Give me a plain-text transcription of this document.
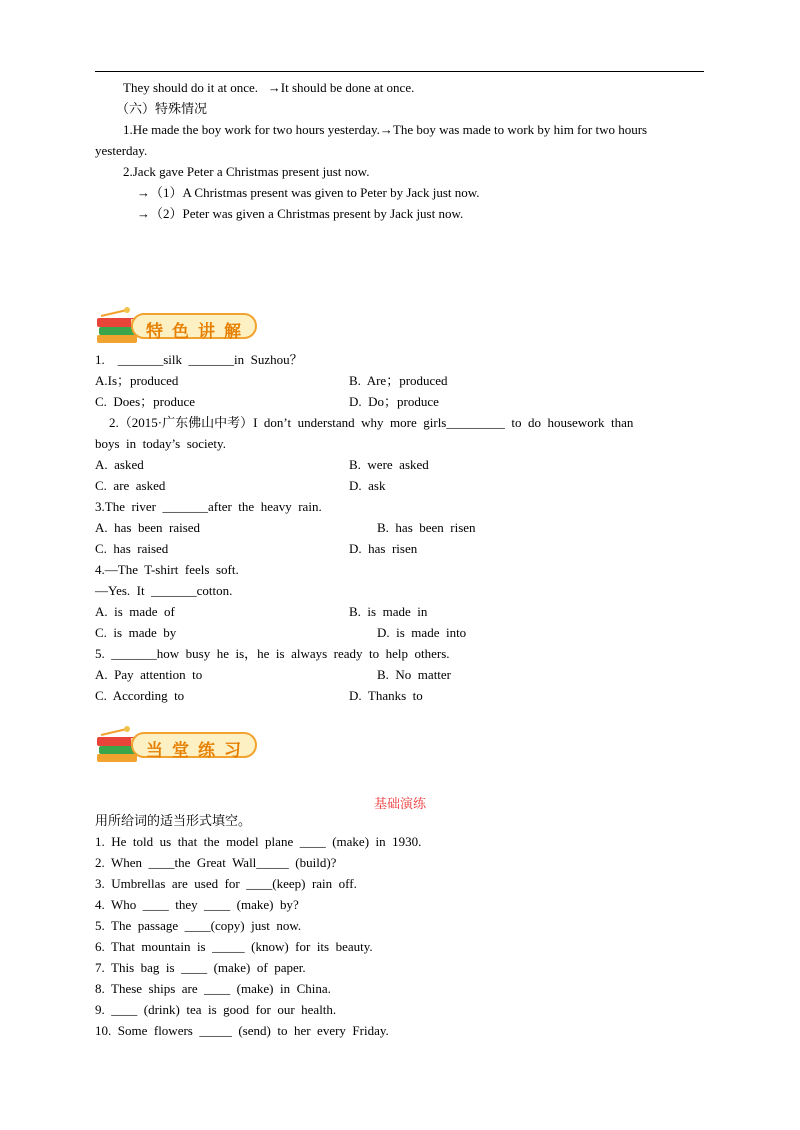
They should do it at once.   →It should be done at once.
（六）特殊情况
1.He made the boy work for two hours yesterday.→The boy was made to work by him for two hours
yesterday.
2.Jack gave Peter a Christmas present just now.
→（1）A Christmas present was given to Peter by Jack just now.
→（2）Peter was given a Christmas present by Jack just now.
特色讲解
1.    _______silk  _______in  Suzhou？
A.Is；produced	B.  Are；produced
C.  Does；produce	D.  Do；produce
2.（2015·广东佛山中考）I  don’t  understand  why  more  girls_________  to  do  housework  than
boys  in  today’s  society.
A.  asked	B.  were  asked
C.  are  asked	D.  ask
3.The  river  _______after  the  heavy  rain.
A.  has  been  raised	B.  has  been  risen
C.  has  raised	D.  has  risen
4.—The  T-shirt  feels  soft.
—Yes.  It  _______cotton.
A.  is  made  of	B.  is  made  in
C.  is  made  by	D.  is  made  into
5.  _______how  busy  he  is，he  is  always  ready  to  help  others.
A.  Pay  attention  to	B.  No  matter
C.  According  to	D.  Thanks  to
当堂练习
基础演练
用所给词的适当形式填空。
1.  He  told  us  that  the  model  plane  ____  (make)  in  1930.
2.  When  ____the  Great  Wall_____  (build)?
3.  Umbrellas  are  used  for  ____(keep)  rain  off.
4.  Who  ____  they  ____  (make)  by?
5.  The  passage  ____(copy)  just  now.
6.  That  mountain  is  _____  (know)  for  its  beauty.
7.  This  bag  is  ____  (make)  of  paper.
8.  These  ships  are  ____  (make)  in  China.
9.  ____  (drink)  tea  is  good  for  our  health.
10.  Some  flowers  _____  (send)  to  her  every  Friday.
